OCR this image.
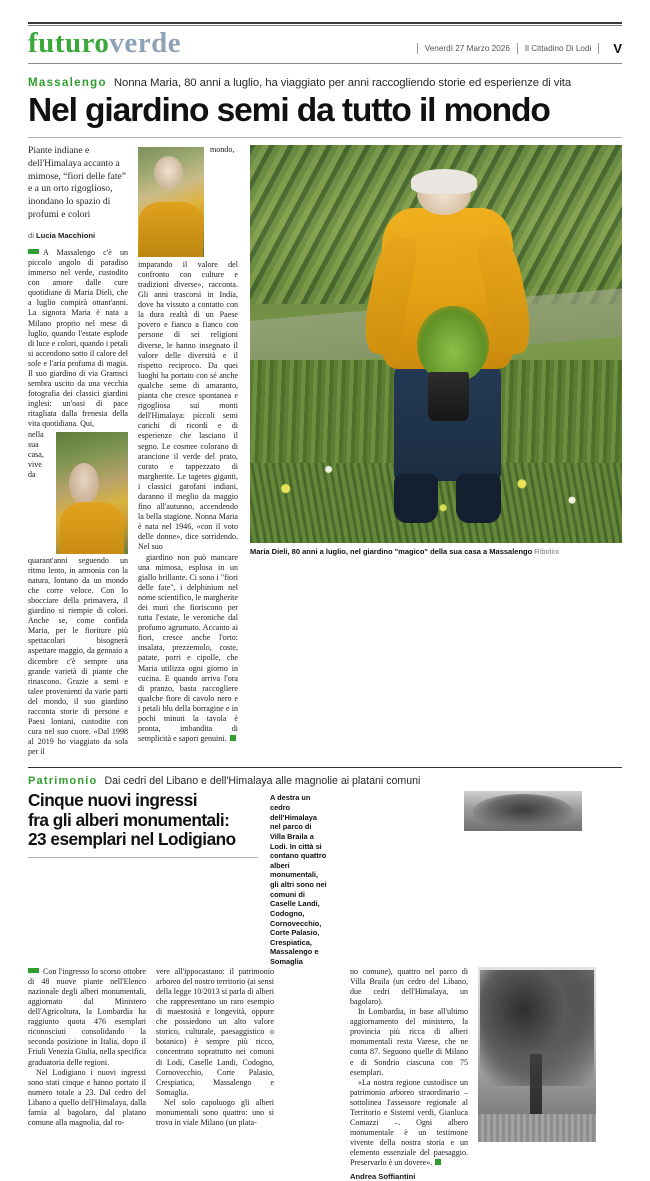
futuroverde	Venerdì 27 Marzo 2026 Il Cittadino Di Lodi V
Massalengo Nonna Maria, 80 anni a luglio, ha viaggiato per anni raccogliendo storie ed esperienze di vita
Nel giardino semi da tutto il mondo
Piante indiane e dell'Himalaya accanto a mimose, “fiori delle fate” e a un orto rigoglioso, inondano lo spazio di profumi e colori
di Lucia Macchioni

A Massalengo c'è un piccolo angolo di paradiso immerso nel verde, custodito con amore dalle cure quotidiane di Maria Dieli, che a luglio compirà ottant'anni. La signora Maria è nata a Milano proprio nel mese di luglio, quando l'estate esplode di luce e colori, quando i petali si accendono sotto il calore del sole e l'aria profuma di magia. Il suo giardino di via Gramsci sembra uscito da una vecchia fotografia dei classici giardini inglesi: un'oasi di pace ritagliata dalla frenesia della vita quotidiana. Qui,

nella sua casa, vive da quarant'anni seguendo un ritmo lento, in armonia con la natura, lontano da un mondo che corre veloce. Con lo sbocciare della primavera, il giardino si riempie di colori. Anche se, come confida Maria, per le fioriture più spettacolari bisognerà aspettare maggio, da gennaio a dicembre c'è sempre una grande varietà di piante che rinascono. Grazie a semi e talee provenienti da varie parti del mondo, il suo giardino racconta storie di persone e Paesi lontani, custodite con cura nel suo cuore. «Dal 1998 al 2019 ho viaggiato da sola per il

mondo, imparando il valore del confronto con culture e tradizioni diverse», racconta. Gli anni trascorsi in India, dove ha vissuto a contatto con la dura realtà di un Paese povero e fianco a fianco con persone di sei religioni diverse, le hanno insegnato il valore delle diversità e il rispetto reciproco. Da quei luoghi ha portato con sé anche qualche seme di amaranto, pianta che cresce spontanea e rigogliosa sui monti dell'Himalaya: piccoli semi carichi di ricordi e di esperienze che lasciano il segno. Le cosmee colorano di arancione il verde del prato, curato e tappezzato di margherite. Le tagetes giganti, i classici garofani indiani, daranno il meglio da maggio fino all'autunno, accendendo la bella stagione. Nonna Maria è nata nel 1946, «con il voto delle donne», dice sorridendo. Nel suo

giardino non può mancare una mimosa, esplosa in un giallo brillante. Ci sono i "fiori delle fate", i delphinium nel nome scientifico, le margherite dei muri che fioriscono per tutta l'estate, le veroniche dal profumo agrumato. Accanto ai fiori, cresce anche l'orto: insalata, prezzemolo, coste, patate, porri e cipolle, che Maria utilizza ogni giorno in cucina. E quando arriva l'ora di pranzo, basta raccogliere qualche fiore di cavolo nero e i petali blu della borragine e in pochi minuti la tavola è pronta, imbandita di semplicità e sapori genuini.

Maria Dieli, 80 anni a luglio, nel giardino "magico" della sua casa a Massalengo Ribolini
Patrimonio Dai cedri del Libano e dell'Himalaya alle magnolie ai platani comuni
Cinque nuovi ingressi
fra gli alberi monumentali:
23 esemplari nel Lodigiano

A destra un cedro dell'Himalaya nel parco di Villa Braila a Lodi. In città si contano quattro alberi monumentali, gli altri sono nei comuni di Caselle Landi, Codogno, Cornovecchio, Corte Palasio, Crespiatica, Massalengo e Somaglia

Con l'ingresso lo scorso ottobre di 48 nuove piante nell'Elenco nazionale degli alberi monumentali, aggiornato dal Ministero dell'Agricoltura, la Lombardia ha raggiunto quota 476 esemplari riconosciuti consolidando la seconda posizione in Italia, dopo il Friuli Venezia Giulia, nella specifica graduatoria delle regioni.

Nel Lodigiano i nuovi ingressi sono stati cinque e hanno portato il numero totale a 23. Dal cedro del Libano a quello dell'Himalaya, dalla farnia al bagolaro, dal platano comune alla magnolia, dal ro-

vere all'ippocastano: il patrimonio arboreo del nostro territorio (ai sensi della legge 10/2013 si parla di alberi che rappresentano un raro esempio di maestosità e longevità, oppure che possiedono un alto valore storico, culturale, paesaggistico o botanico) è sempre più ricco, concentrato soprattutto nei comuni di Lodi, Caselle Landi, Codogno, Cornovecchio, Corte Palasio, Crespiatica, Massalengo e Somaglia.

Nel solo capoluogo gli alberi monumentali sono quattro: uno si trova in viale Milano (un plata-

no comune), quattro nel parco di Villa Braila (un cedro del Libano, due cedri dell'Himalaya, un bagolaro).

In Lombardia, in base all'ultimo aggiornamento del ministero, la provincia più ricca di alberi monumentali resta Varese, che ne conta 87. Seguono quelle di Milano e di Sondrio ciascuna con 75 esemplari.

«La nostra regione custodisce un patrimonio arboreo straordinario – sottolinea l'assessore regionale al Territorio e Sistemi verdi, Gianluca Comazzi –. Ogni albero monumentale è un testimone vivente della nostra storia e un elemento essenziale del paesaggio. Preservarlo è un dovere».

Andrea Soffiantini
